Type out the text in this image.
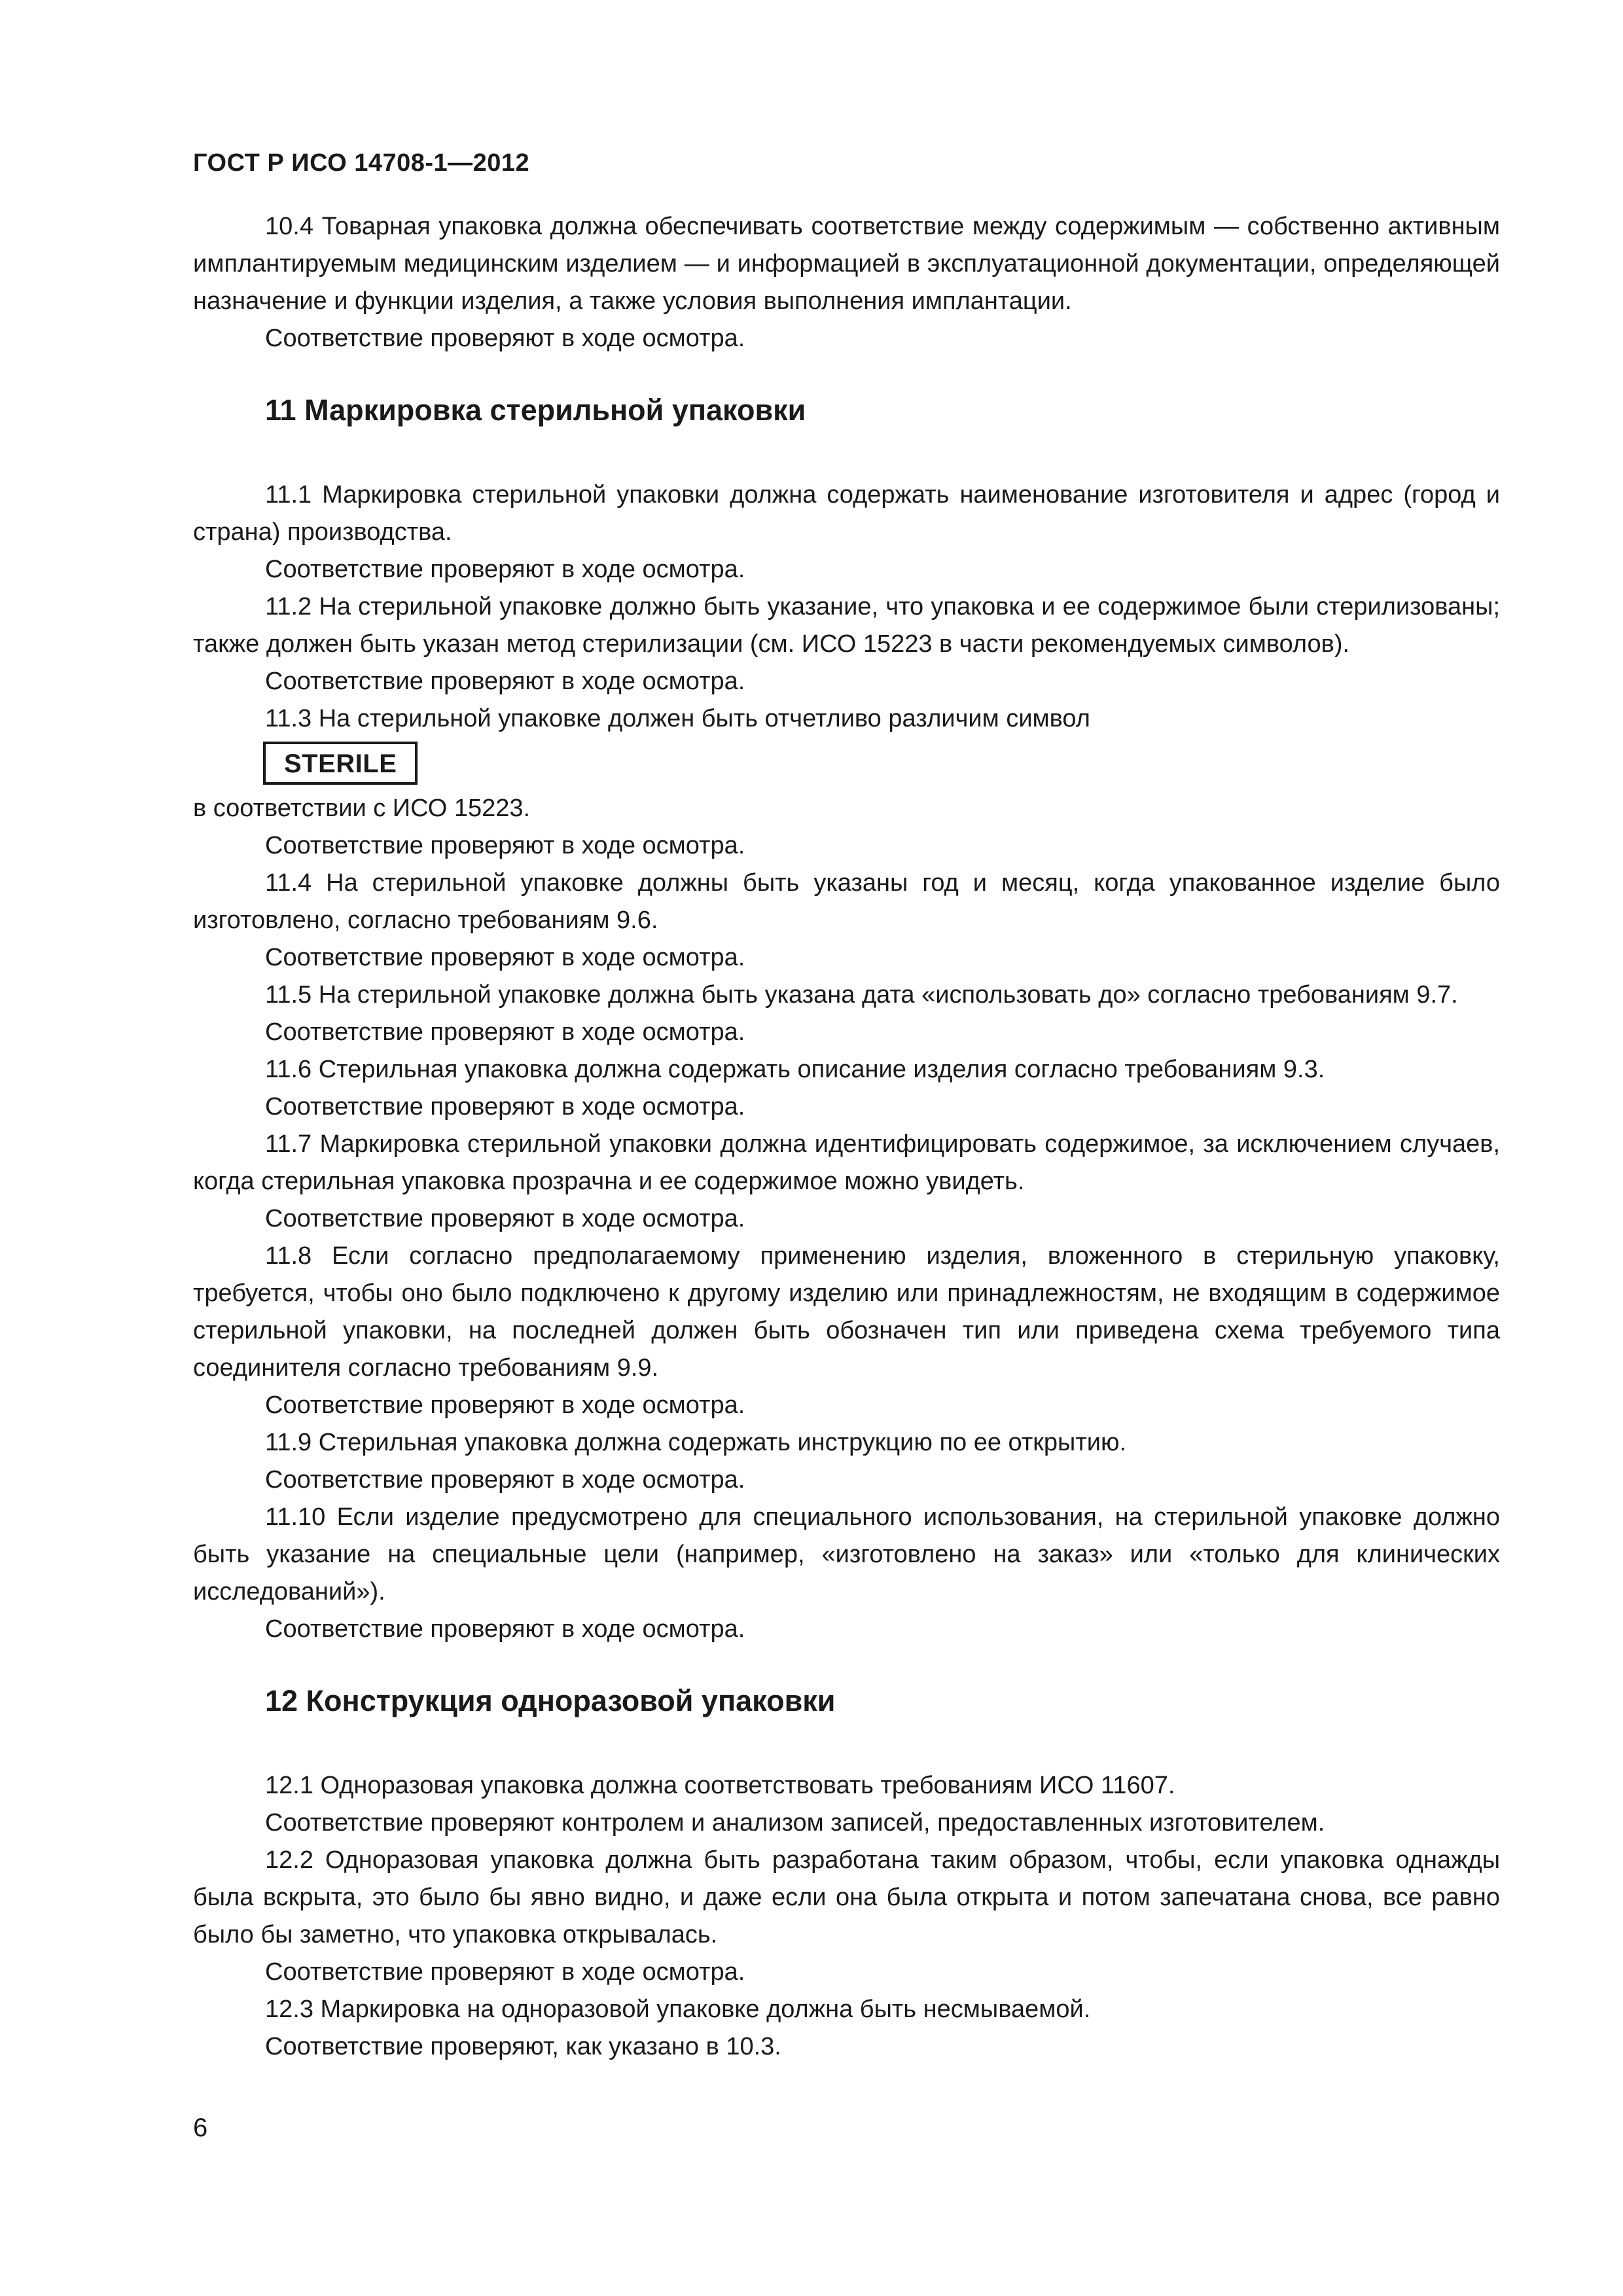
ГОСТ Р ИСО 14708-1—2012

10.4 Товарная упаковка должна обеспечивать соответствие между содержимым — собственно активным имплантируемым медицинским изделием — и информацией в эксплуатационной документации, определяющей назначение и функции изделия, а также условия выполнения имплантации.

Соответствие проверяют в ходе осмотра.

11 Маркировка стерильной упаковки

11.1 Маркировка стерильной упаковки должна содержать наименование изготовителя и адрес (город и страна) производства.

Соответствие проверяют в ходе осмотра.

11.2 На стерильной упаковке должно быть указание, что упаковка и ее содержимое были стерилизованы; также должен быть указан метод стерилизации (см. ИСО 15223 в части рекомендуемых символов).

Соответствие проверяют в ходе осмотра.

11.3 На стерильной упаковке должен быть отчетливо различим символ

STERILE

в соответствии с ИСО 15223.

Соответствие проверяют в ходе осмотра.

11.4 На стерильной упаковке должны быть указаны год и месяц, когда упакованное изделие было изготовлено, согласно требованиям 9.6.

Соответствие проверяют в ходе осмотра.

11.5 На стерильной упаковке должна быть указана дата «использовать до» согласно требованиям 9.7.

Соответствие проверяют в ходе осмотра.

11.6 Стерильная упаковка должна содержать описание изделия согласно требованиям 9.3.

Соответствие проверяют в ходе осмотра.

11.7 Маркировка стерильной упаковки должна идентифицировать содержимое, за исключением случаев, когда стерильная упаковка прозрачна и ее содержимое можно увидеть.

Соответствие проверяют в ходе осмотра.

11.8 Если согласно предполагаемому применению изделия, вложенного в стерильную упаковку, требуется, чтобы оно было подключено к другому изделию или принадлежностям, не входящим в содержимое стерильной упаковки, на последней должен быть обозначен тип или приведена схема требуемого типа соединителя согласно требованиям 9.9.

Соответствие проверяют в ходе осмотра.

11.9 Стерильная упаковка должна содержать инструкцию по ее открытию.

Соответствие проверяют в ходе осмотра.

11.10 Если изделие предусмотрено для специального использования, на стерильной упаковке должно быть указание на специальные цели (например, «изготовлено на заказ» или «только для клинических исследований»).

Соответствие проверяют в ходе осмотра.

12 Конструкция одноразовой упаковки

12.1 Одноразовая упаковка должна соответствовать требованиям ИСО 11607.

Соответствие проверяют контролем и анализом записей, предоставленных изготовителем.

12.2 Одноразовая упаковка должна быть разработана таким образом, чтобы, если упаковка однажды была вскрыта, это было бы явно видно, и даже если она была открыта и потом запечатана снова, все равно было бы заметно, что упаковка открывалась.

Соответствие проверяют в ходе осмотра.

12.3 Маркировка на одноразовой упаковке должна быть несмываемой.

Соответствие проверяют, как указано в 10.3.

6
